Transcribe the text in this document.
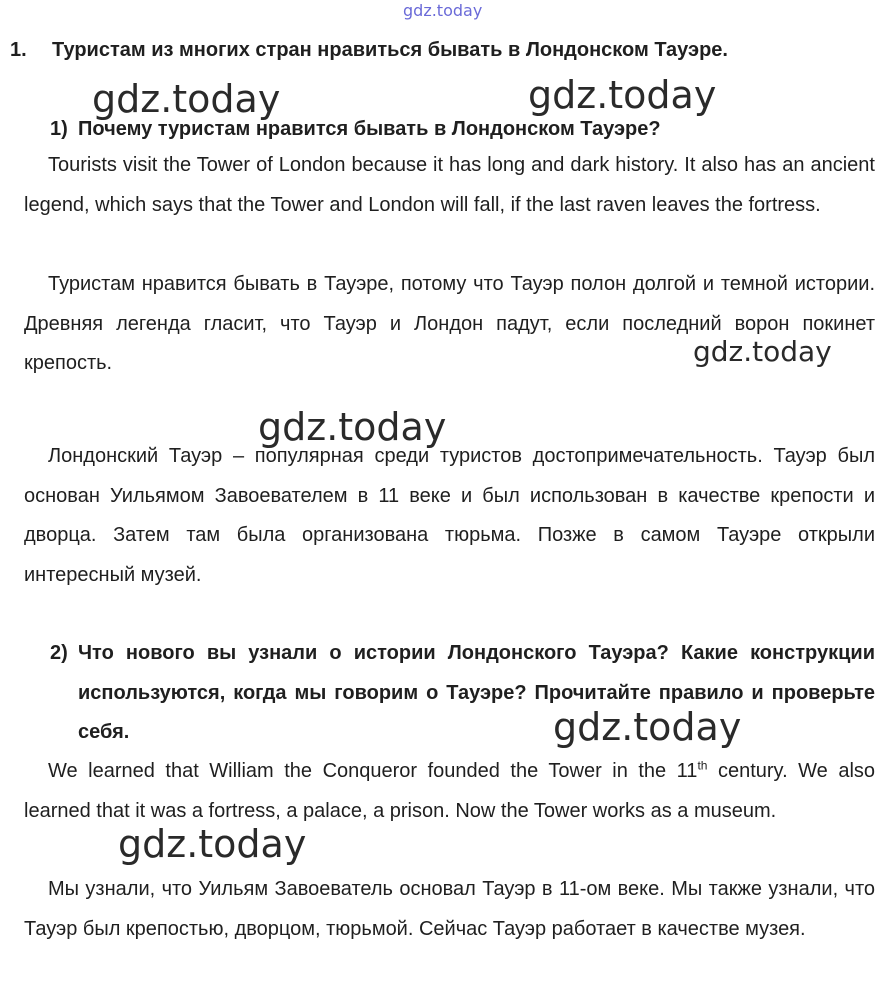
gdz.today
gdz.today	gdz.today
gdz.today
gdz.today
gdz.today
gdz.today
1. Туристам из многих стран нравиться бывать в Лондонском Тауэре.
1) Почему туристам нравится бывать в Лондонском Тауэре?
Tourists visit the Tower of London because it has long and dark history. It also has an ancient legend, which says that the Tower and London will fall, if the last raven leaves the fortress.
Туристам нравится бывать в Тауэре, потому что Тауэр полон долгой и темной истории. Древняя легенда гласит, что Тауэр и Лондон падут, если последний ворон покинет крепость.
Лондонский Тауэр – популярная среди туристов достопримечательность. Тауэр был основан Уильямом Завоевателем в 11 веке и был использован в качестве крепости и дворца. Затем там была организована тюрьма. Позже в самом Тауэре открыли интересный музей.
2) Что нового вы узнали о истории Лондонского Тауэра? Какие конструкции используются, когда мы говорим о Тауэре? Прочитайте правило и проверьте себя.
We learned that William the Conqueror founded the Tower in the 11th century. We also learned that it was a fortress, a palace, a prison. Now the Tower works as a museum.
Мы узнали, что Уильям Завоеватель основал Тауэр в 11-ом веке. Мы также узнали, что Тауэр был крепостью, дворцом, тюрьмой. Сейчас Тауэр работает в качестве музея.
